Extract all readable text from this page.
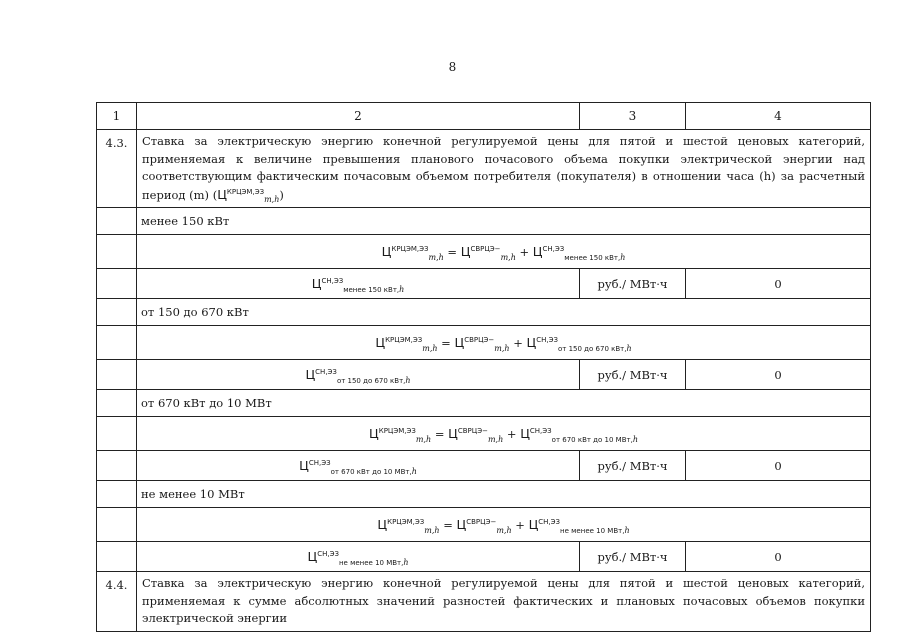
8
1	2	3	4
4.3.	Ставка за электрическую энергию конечной регулируемой цены для пятой и шестой ценовых категорий, применяемая к величине превышения планового почасового объема покупки электрической энергии над соответствующим фактическим почасовым объемом потребителя (покупателя) в отношении часа (h) за расчетный период (m) $(Ц^{КРЦЭМ,ЭЗ}_{m,h})$		
	менее 150 кВт		
	$Ц^{КРЦЭМ,ЭЗ}_{m,h} = Ц^{СВРЦЭ-}_{m,h} + Ц^{СН,ЭЗ}_{менее 150 кВт,h}$
	$Ц^{СН,ЭЗ}_{менее 150 кВт,h}$	руб./ МВт·ч	0
	от 150 до 670 кВт		
	$Ц^{КРЦЭМ,ЭЗ}_{m,h} = Ц^{СВРЦЭ-}_{m,h} + Ц^{СН,ЭЗ}_{от 150 до 670 кВт,h}$
	$Ц^{СН,ЭЗ}_{от 150 до 670 кВт,h}$	руб./ МВт·ч	0
	от 670 кВт до 10 МВт		
	$Ц^{КРЦЭМ,ЭЗ}_{m,h} = Ц^{СВРЦЭ-}_{m,h} + Ц^{СН,ЭЗ}_{от 670 кВт до 10 МВт,h}$
	$Ц^{СН,ЭЗ}_{от 670 кВт до 10 МВт,h}$	руб./ МВт·ч	0
	не менее 10 МВт		
	$Ц^{КРЦЭМ,ЭЗ}_{m,h} = Ц^{СВРЦЭ-}_{m,h} + Ц^{СН,ЭЗ}_{не менее 10 МВт,h}$
	$Ц^{СН,ЭЗ}_{не менее 10 МВт,h}$	руб./ МВт·ч	0
4.4.	Ставка за электрическую энергию конечной регулируемой цены для пятой и шестой ценовых категорий, применяемая к сумме абсолютных значений разностей фактических и плановых почасовых объемов покупки электрической энергии		
